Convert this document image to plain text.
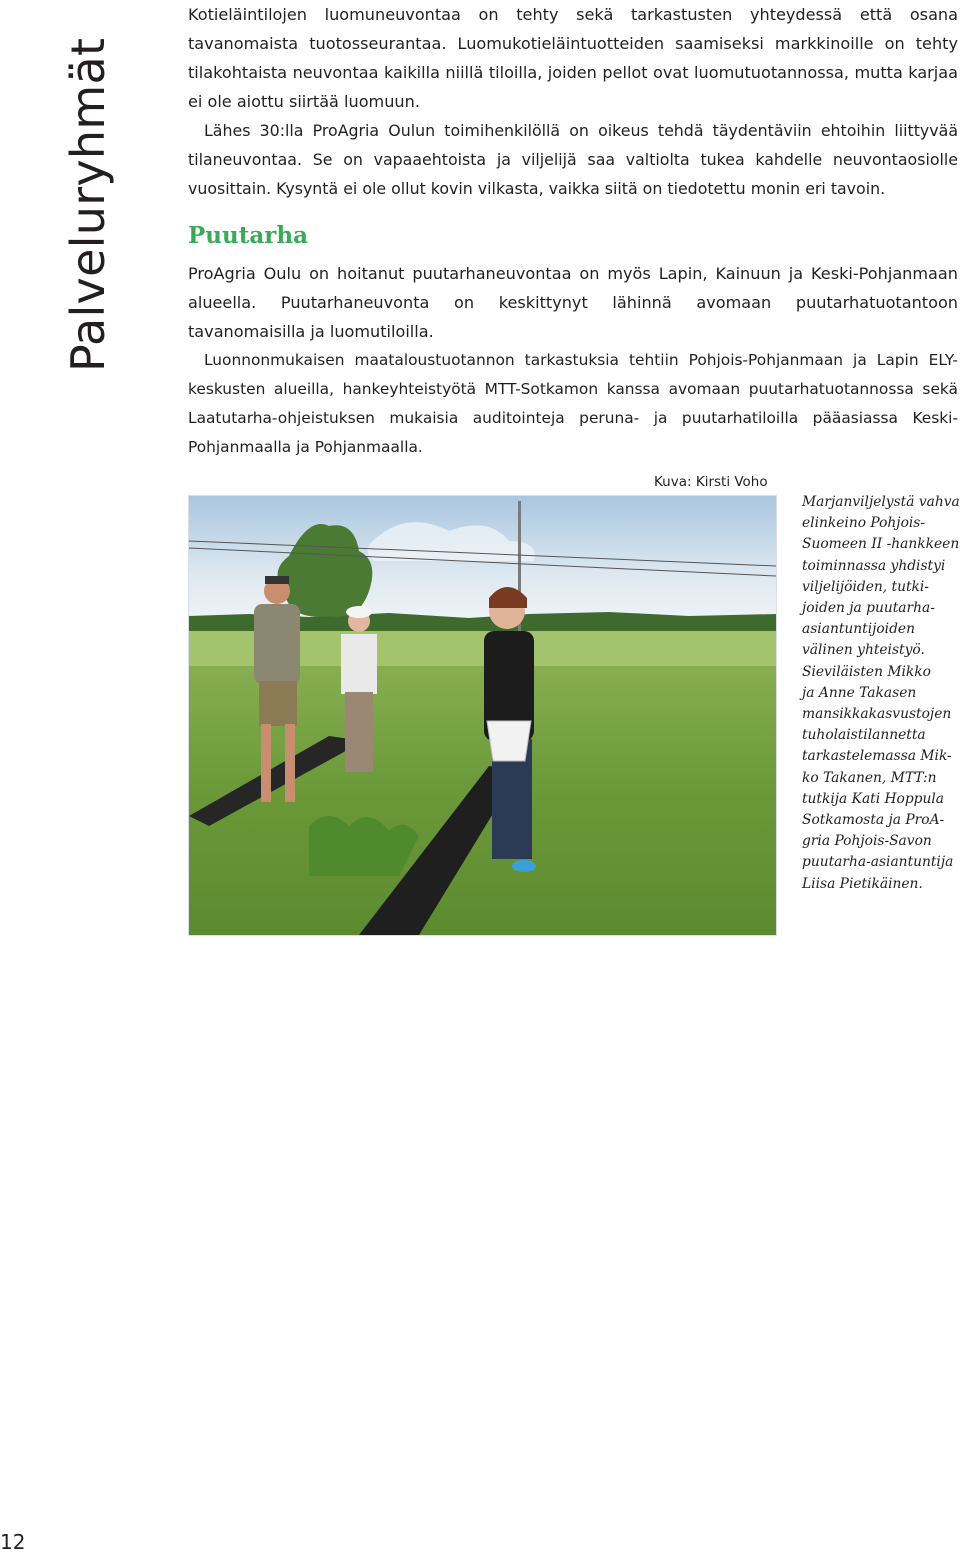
Palveluryhmät

Kotieläintilojen luomuneuvontaa on tehty sekä tarkastusten yhteydessä että osana tavanomaista tuotosseurantaa. Luomukotieläintuotteiden saamiseksi markkinoille on tehty tilakohtaista neuvontaa kaikilla niillä tiloilla, joiden pellot ovat luomutuotannossa, mutta karjaa ei ole aiottu siirtää luomuun.

Lähes 30:lla ProAgria Oulun toimihenkilöllä on oikeus tehdä täydentäviin ehtoihin liittyvää tilaneuvontaa. Se on vapaaehtoista ja viljelijä saa valtiolta tukea kahdelle neuvontaosiolle vuosittain. Kysyntä ei ole ollut kovin vilkasta, vaikka siitä on tiedotettu monin eri tavoin.

Puutarha

ProAgria Oulu on hoitanut puutarhaneuvontaa on myös Lapin, Kainuun ja Keski-Pohjanmaan alueella. Puutarhaneuvonta on keskittynyt lähinnä avomaan puutarhatuotantoon tavanomaisilla ja luomutiloilla.

Luonnonmukaisen maataloustuotannon tarkastuksia tehtiin Pohjois-Pohjanmaan ja Lapin ELY-keskusten alueilla, hankeyhteistyötä MTT-Sotkamon kanssa avomaan puutarhatuotannossa sekä Laatutarha-ohjeistuksen mukaisia auditointeja peruna- ja puutarhatiloilla pääasiassa Keski-Pohjanmaalla ja Pohjanmaalla.

Kuva: Kirsti Voho
Marjanviljelystä vahva
elinkeino Pohjois-
Suomeen II -hankkeen
toiminnassa yhdistyi
viljelijöiden, tutki-
joiden ja puutarha-
asiantuntijoiden
välinen yhteistyö.
Sieviläisten Mikko
ja Anne Takasen
mansikkakasvustojen
tuholaistilannetta
tarkastelemassa Mik-
ko Takanen, MTT:n
tutkija Kati Hoppula
Sotkamosta ja ProA-
gria Pohjois-Savon
puutarha-asiantuntija
Liisa Pietikäinen.
12
